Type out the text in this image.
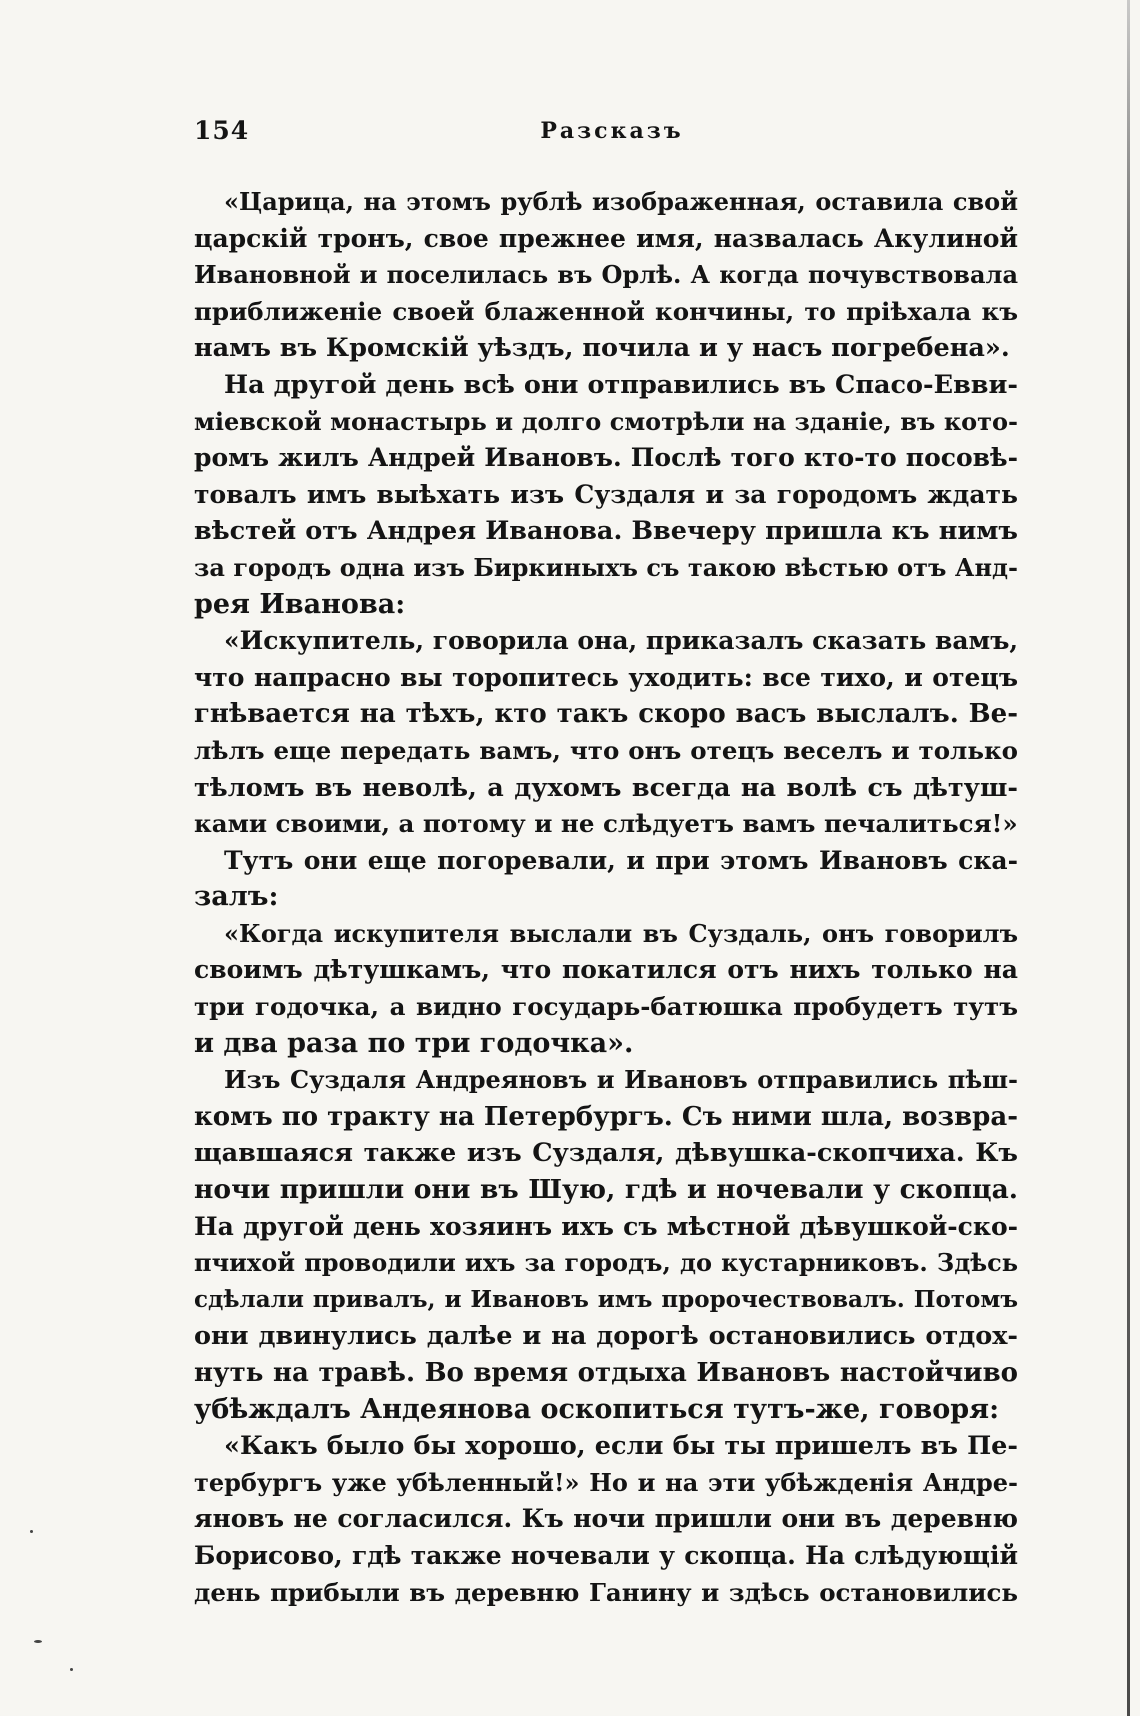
154	Разсказъ
«Царица, на этомъ рублѣ изображенная, оставила свой
царскій тронъ, свое прежнее имя, назвалась Акулиной
Ивановной и поселилась въ Орлѣ. А когда почувствовала
приближеніе своей блаженной кончины, то пріѣхала къ
намъ въ Кромскій уѣздъ, почила и у насъ погребена».
На другой день всѣ они отправились въ Спасо-Евви-
міевской монастырь и долго смотрѣли на зданіе, въ кото-
ромъ жилъ Андрей Ивановъ. Послѣ того кто-то посовѣ-
товалъ имъ выѣхать изъ Суздаля и за городомъ ждать
вѣстей отъ Андрея Иванова. Ввечеру пришла къ нимъ
за городъ одна изъ Биркиныхъ съ такою вѣстью отъ Анд-
рея Иванова:
«Искупитель, говорила она, приказалъ сказать вамъ,
что напрасно вы торопитесь уходить: все тихо, и отецъ
гнѣвается на тѣхъ, кто такъ скоро васъ выслалъ. Ве-
лѣлъ еще передать вамъ, что онъ отецъ веселъ и только
тѣломъ въ неволѣ, а духомъ всегда на волѣ съ дѣтуш-
ками своими, а потому и не слѣдуетъ вамъ печалиться!»
Тутъ они еще погоревали, и при этомъ Ивановъ ска-
залъ:
«Когда искупителя выслали въ Суздаль, онъ говорилъ
своимъ дѣтушкамъ, что покатился отъ нихъ только на
три годочка, а видно государь-батюшка пробудетъ тутъ
и два раза по три годочка».
Изъ Суздаля Андреяновъ и Ивановъ отправились пѣш-
комъ по тракту на Петербургъ. Съ ними шла, возвра-
щавшаяся также изъ Суздаля, дѣвушка-скопчиха. Къ
ночи пришли они въ Шую, гдѣ и ночевали у скопца.
На другой день хозяинъ ихъ съ мѣстной дѣвушкой-ско-
пчихой проводили ихъ за городъ, до кустарниковъ. Здѣсь
сдѣлали привалъ, и Ивановъ имъ пророчествовалъ. Потомъ
они двинулись далѣе и на дорогѣ остановились отдох-
нуть на травѣ. Во время отдыха Ивановъ настойчиво
убѣждалъ Андеянова оскопиться тутъ-же, говоря:
«Какъ было бы хорошо, если бы ты пришелъ въ Пе-
тербургъ уже убѣленный!» Но и на эти убѣжденія Андре-
яновъ не согласился. Къ ночи пришли они въ деревню
Борисово, гдѣ также ночевали у скопца. На слѣдующій
день прибыли въ деревню Ганину и здѣсь остановились
